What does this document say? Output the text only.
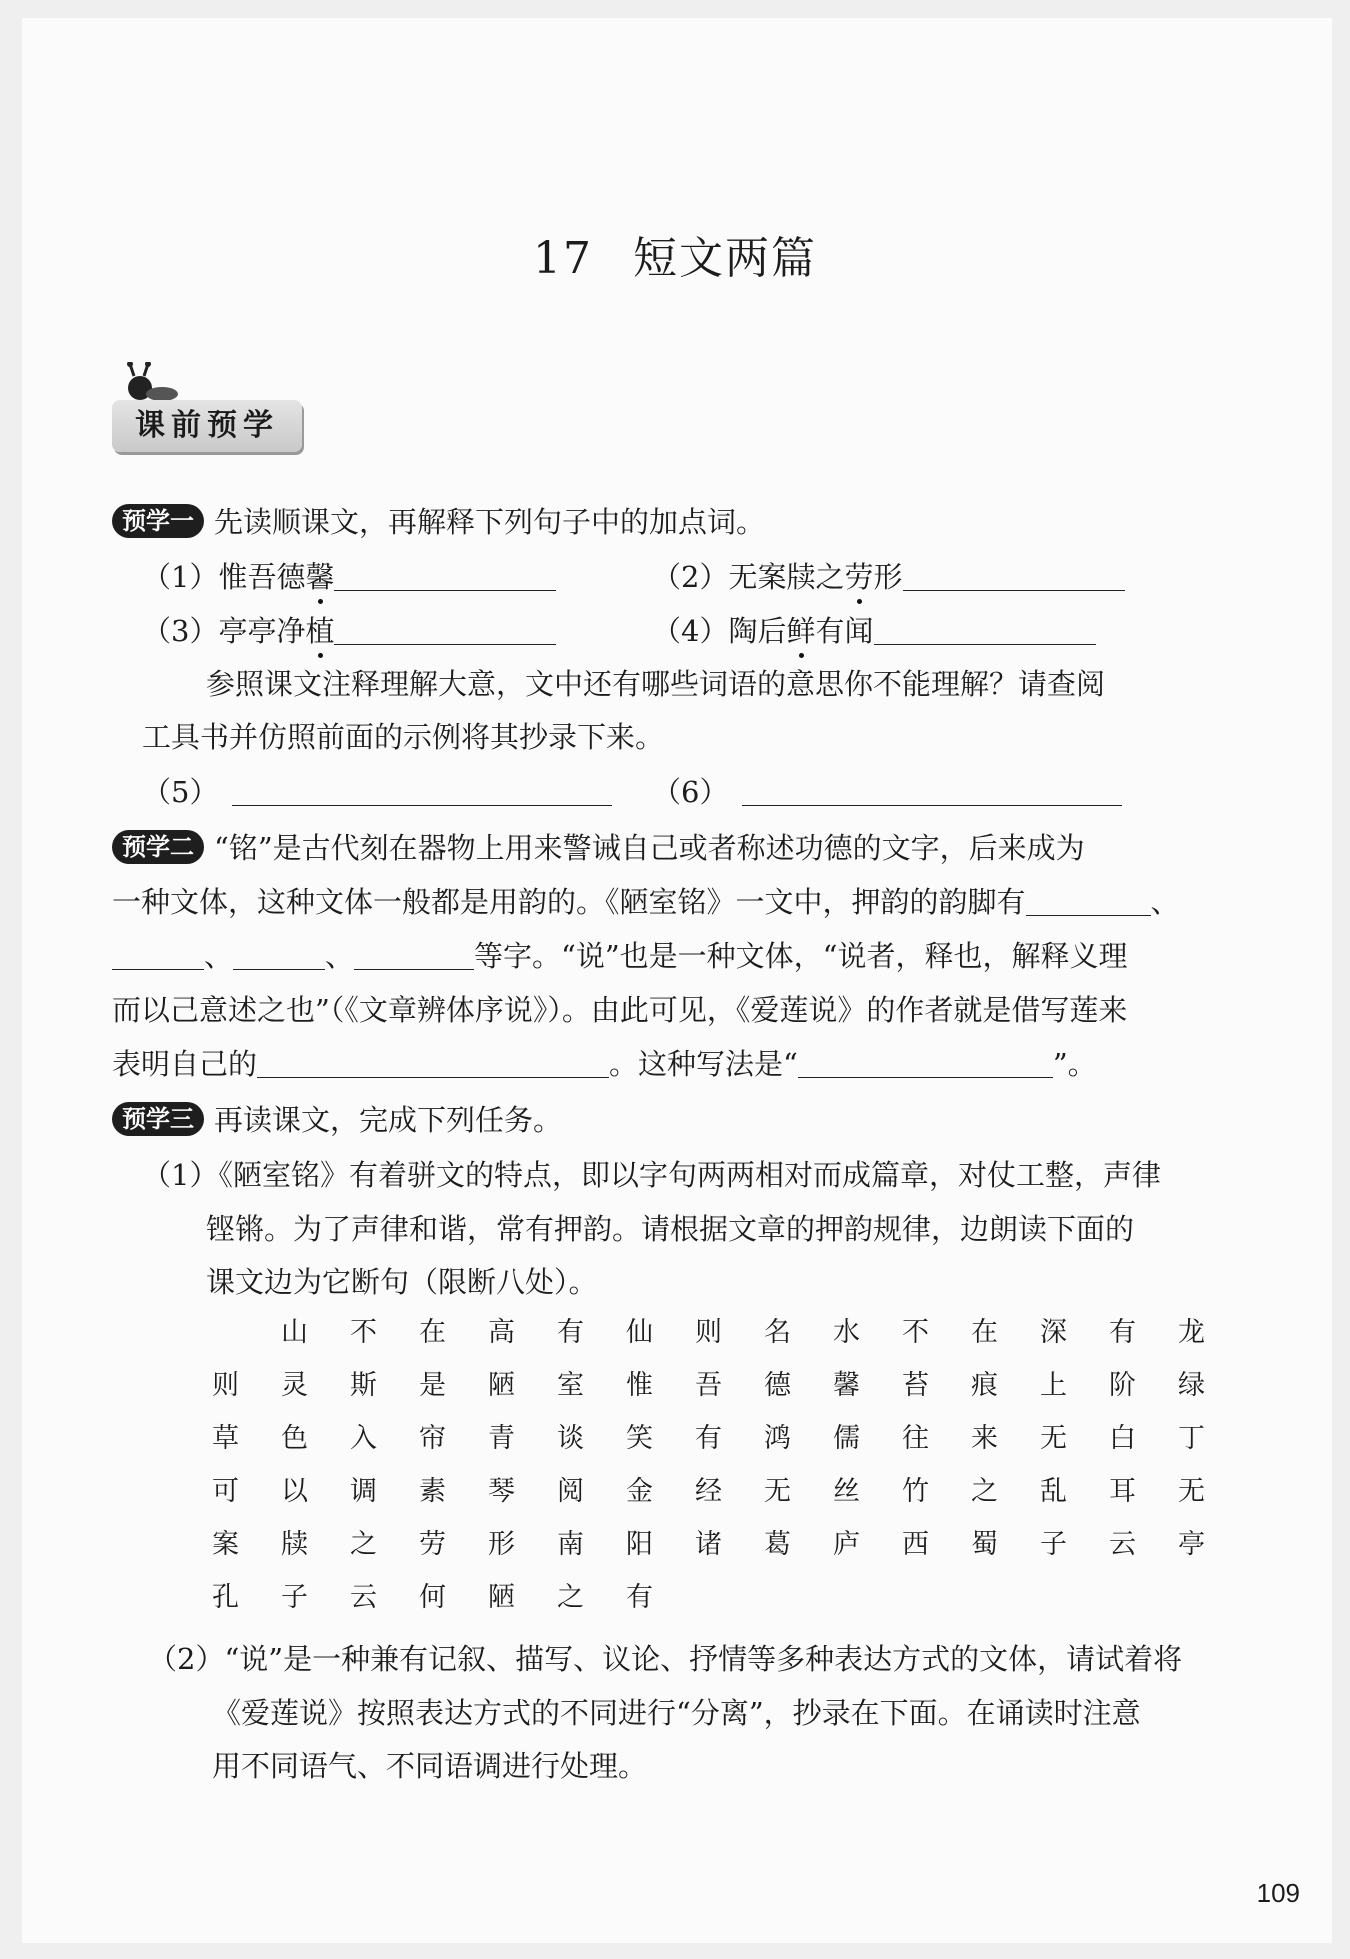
17 短文两篇
课前预学
预学一 先读顺课文，再解释下列句子中的加点词。
（1）惟吾德馨	（2）无案牍之劳形
（3）亭亭净植	（4）陶后鲜有闻
参照课文注释理解大意，文中还有哪些词语的意思你不能理解？请查阅
工具书并仿照前面的示例将其抄录下来。
（5）	（6）
预学二 “铭”是古代刻在器物上用来警诫自己或者称述功德的文字，后来成为
一种文体，这种文体一般都是用韵的。《陋室铭》一文中，押韵的韵脚有	、
、	、	等字。“说”也是一种文体，“说者，释也，解释义理
而以己意述之也”（《文章辨体序说》）。由此可见，《爱莲说》的作者就是借写莲来
表明自己的	。这种写法是“	”。
预学三 再读课文，完成下列任务。
（1）《陋室铭》有着骈文的特点，即以字句两两相对而成篇章，对仗工整，声律
铿锵。为了声律和谐，常有押韵。请根据文章的押韵规律，边朗读下面的
课文边为它断句（限断八处）。
山	不	在	高	有	仙	则	名	水	不	在	深	有	龙
则	灵	斯	是	陋	室	惟	吾	德	馨	苔	痕	上	阶	绿
草	色	入	帘	青	谈	笑	有	鸿	儒	往	来	无	白	丁
可	以	调	素	琴	阅	金	经	无	丝	竹	之	乱	耳	无
案	牍	之	劳	形	南	阳	诸	葛	庐	西	蜀	子	云	亭
孔	子	云	何	陋	之	有
（2）“说”是一种兼有记叙、描写、议论、抒情等多种表达方式的文体，请试着将
《爱莲说》按照表达方式的不同进行“分离”，抄录在下面。在诵读时注意
用不同语气、不同语调进行处理。
109
